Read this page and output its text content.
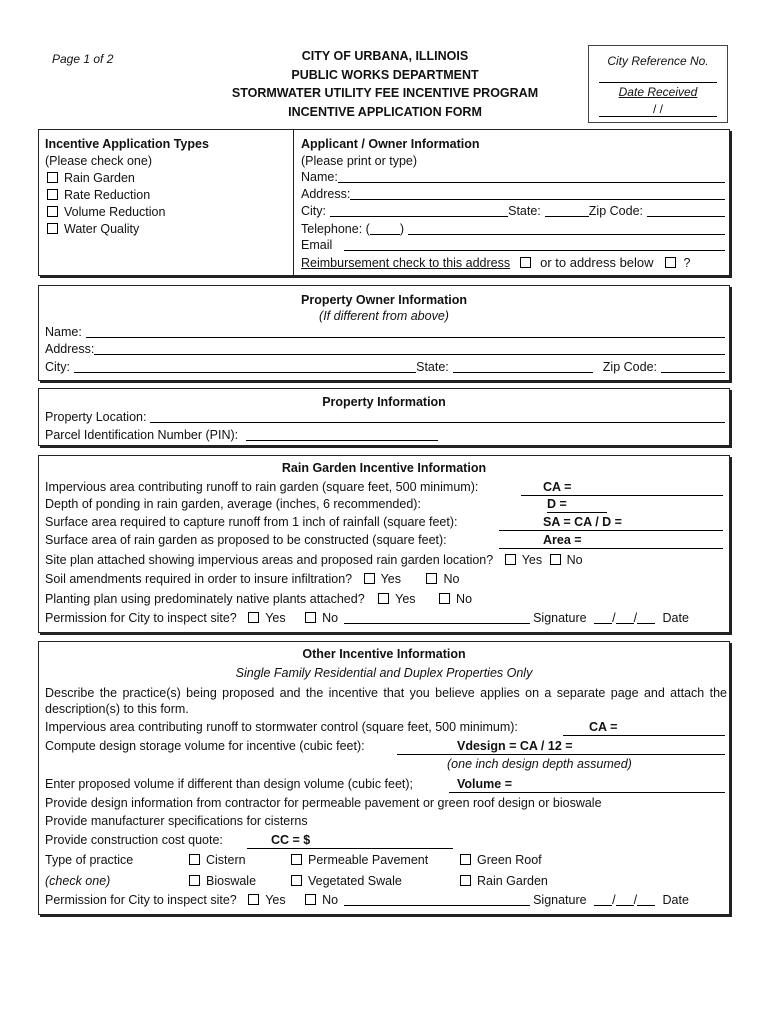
Page 1 of 2	CITY OF URBANA, ILLINOIS
PUBLIC WORKS DEPARTMENT
STORMWATER UTILITY FEE INCENTIVE PROGRAM
INCENTIVE APPLICATION FORM
City Reference No.
Date Received
/ /
Incentive Application Types
(Please check one)
Rain Garden
Rate Reduction
Volume Reduction
Water Quality
Applicant / Owner Information
(Please print or type)
Name:
Address:
City:	State:	Zip Code:
Telephone: ( )
Email
Reimbursement check to this address or to address below ?
Property Owner Information
(If different from above)
Name:
Address:
City:	State:	Zip Code:
Property Information
Property Location:
Parcel Identification Number (PIN):
Rain Garden Incentive Information
Impervious area contributing runoff to rain garden (square feet, 500 minimum):	CA =
Depth of ponding in rain garden, average (inches, 6 recommended):	D =
Surface area required to capture runoff from 1 inch of rainfall (square feet):	SA = CA / D =
Surface area of rain garden as proposed to be constructed (square feet):	Area =
Site plan attached showing impervious areas and proposed rain garden location? Yes No
Soil amendments required in order to insure infiltration? Yes	No
Planting plan using predominately native plants attached? Yes	No
Permission for City to inspect site? Yes	No	Signature / / Date
Other Incentive Information
Single Family Residential and Duplex Properties Only
Describe the practice(s) being proposed and the incentive that you believe applies on a separate page and attach the description(s) to this form.
Impervious area contributing runoff to stormwater control (square feet, 500 minimum):	CA =
Compute design storage volume for incentive (cubic feet):	Vdesign = CA / 12 =
(one inch design depth assumed)
Enter proposed volume if different than design volume (cubic feet);	Volume =
Provide design information from contractor for permeable pavement or green roof design or bioswale
Provide manufacturer specifications for cisterns
Provide construction cost quote:	CC = $
Type of practice	Cistern	Permeable Pavement	Green Roof
(check one)	Bioswale	Vegetated Swale	Rain Garden
Permission for City to inspect site? Yes	No	Signature / / Date
